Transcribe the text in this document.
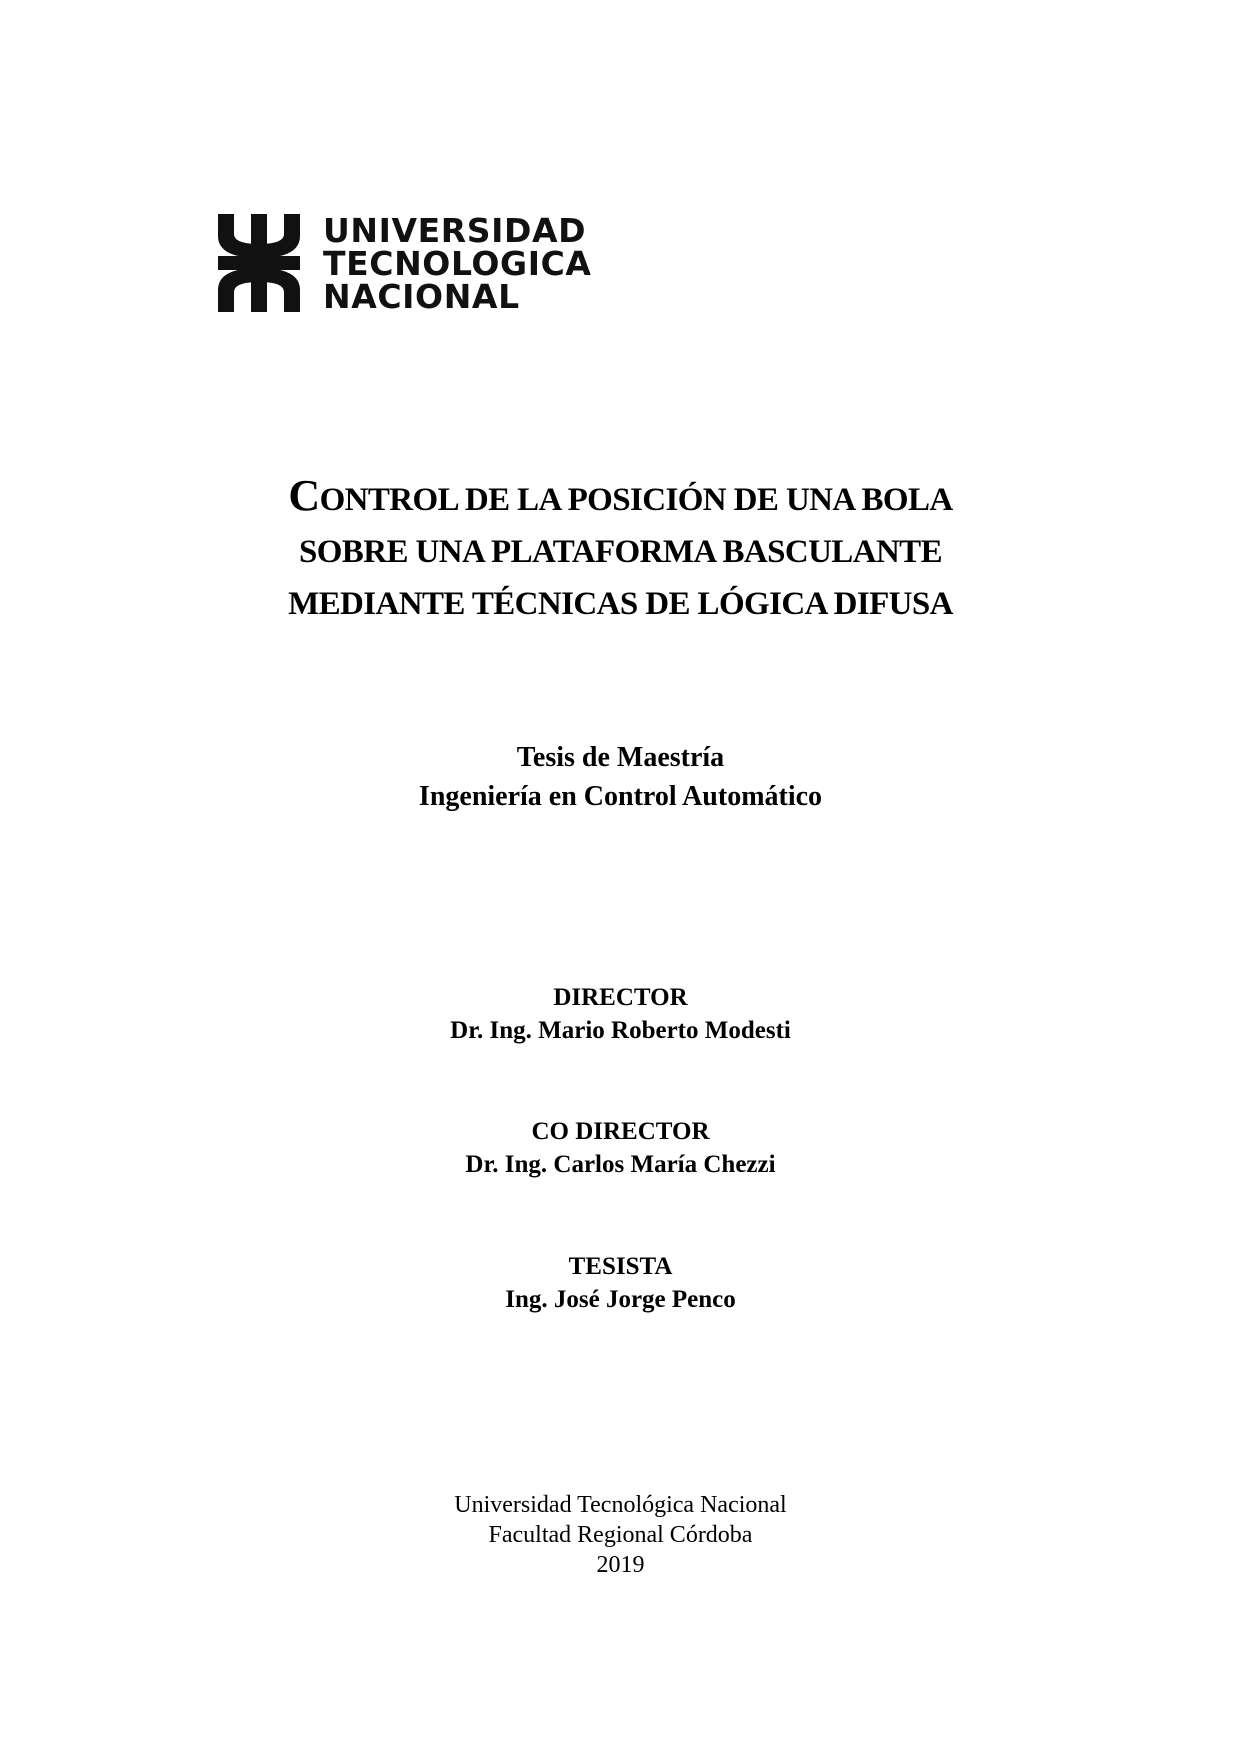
UNIVERSIDAD
TECNOLOGICA
NACIONAL
CONTROL DE LA POSICIÓN DE UNA BOLA
SOBRE UNA PLATAFORMA BASCULANTE
MEDIANTE TÉCNICAS DE LÓGICA DIFUSA
Tesis de Maestría
Ingeniería en Control Automático
DIRECTOR
Dr. Ing. Mario Roberto Modesti
CO DIRECTOR
Dr. Ing. Carlos María Chezzi
TESISTA
Ing. José Jorge Penco
Universidad Tecnológica Nacional
Facultad Regional Córdoba
2019
